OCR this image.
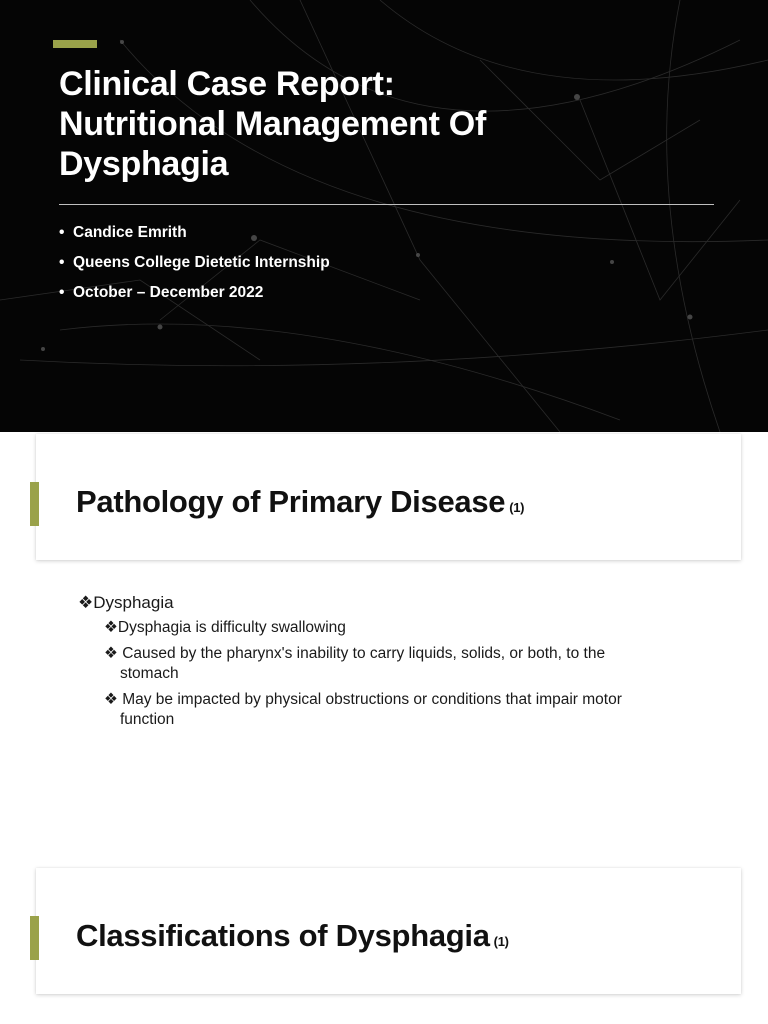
Clinical Case Report:
Nutritional Management Of
Dysphagia
• Candice Emrith
• Queens College Dietetic Internship
• October – December 2022
Pathology of Primary Disease (1)
❖Dysphagia
❖Dysphagia is difficulty swallowing
❖ Caused by the pharynx's inability to carry liquids, solids, or both, to the
stomach
❖ May be impacted by physical obstructions or conditions that impair motor
function
Classifications of Dysphagia (1)
